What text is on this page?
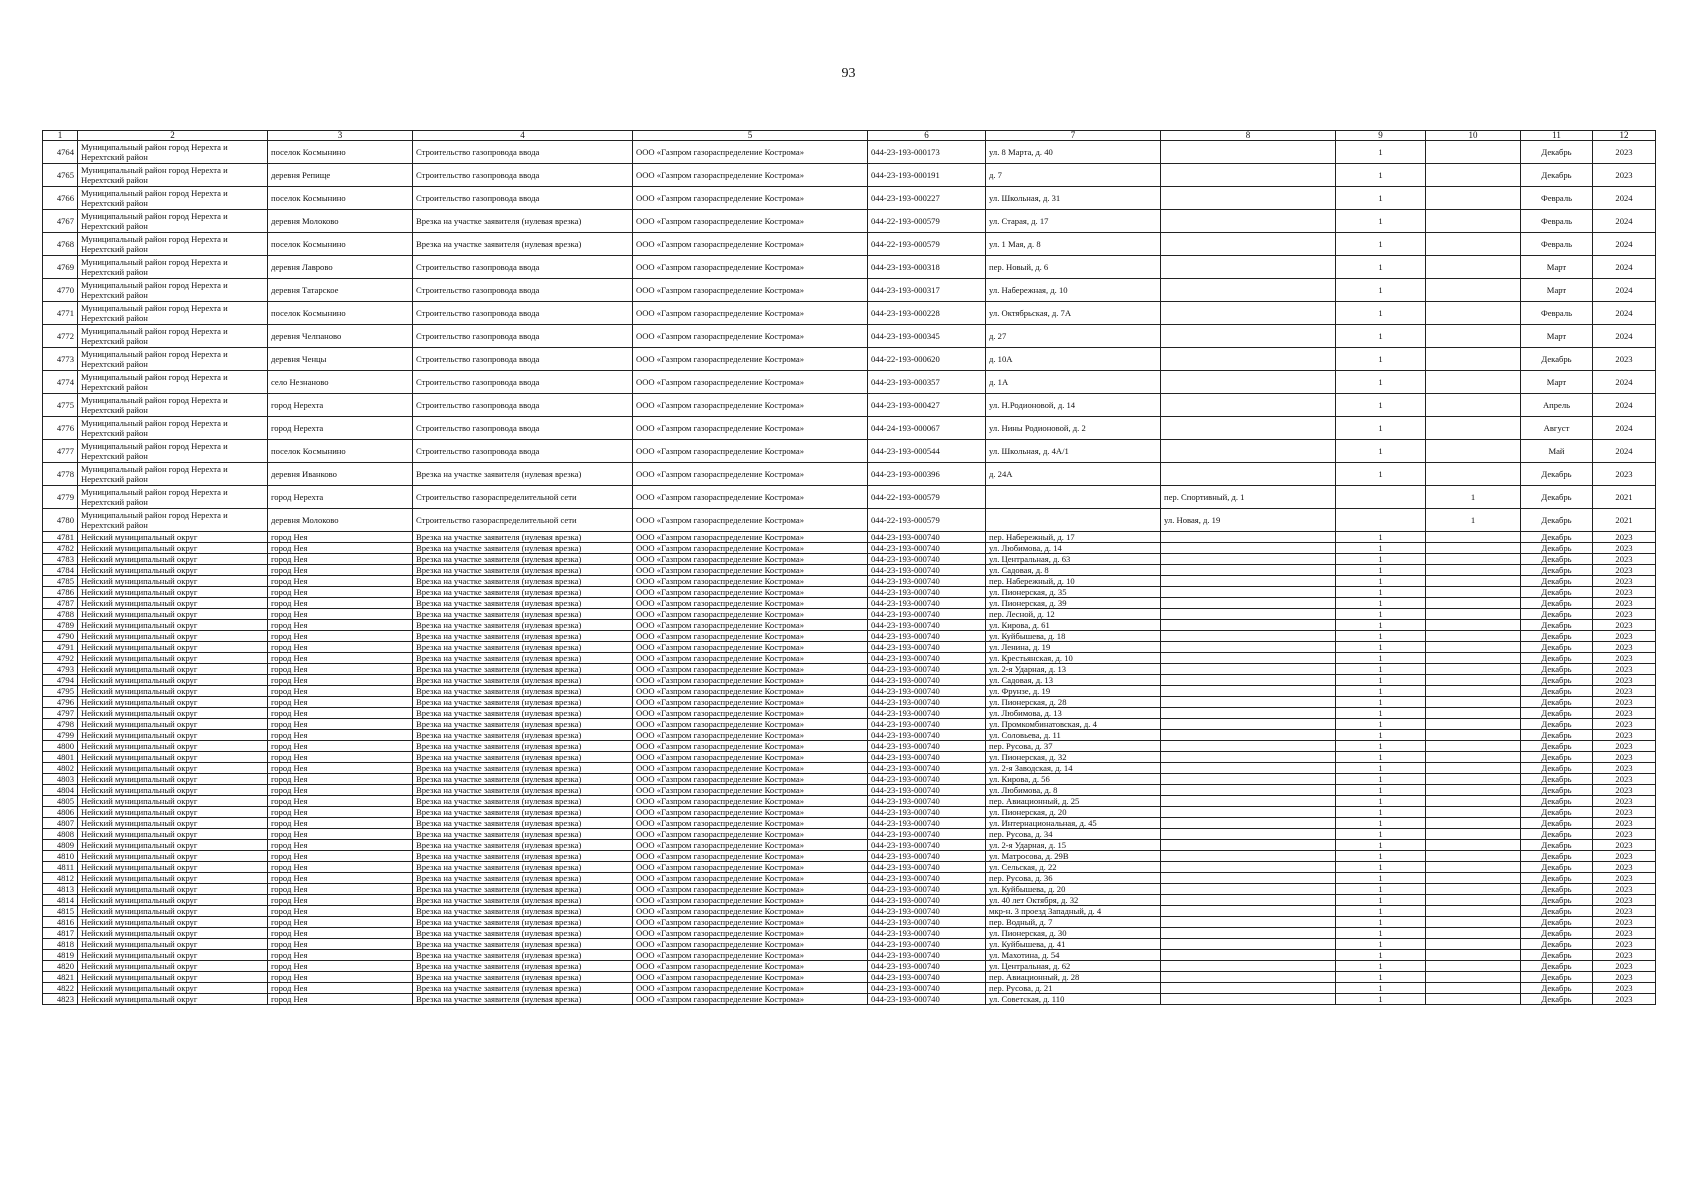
93
1	2	3	4	5	6	7	8	9	10	11	12
4764	Муниципальный район город Нерехта и Нерехтский район	поселок Космынино	Строительство газопровода ввода	ООО «Газпром газораспределение Кострома»	044-23-193-000173	ул. 8 Марта, д. 40		1		Декабрь	2023
4765	Муниципальный район город Нерехта и Нерехтский район	деревня Репище	Строительство газопровода ввода	ООО «Газпром газораспределение Кострома»	044-23-193-000191	д. 7		1		Декабрь	2023
4766	Муниципальный район город Нерехта и Нерехтский район	поселок Космынино	Строительство газопровода ввода	ООО «Газпром газораспределение Кострома»	044-23-193-000227	ул. Школьная, д. 31		1		Февраль	2024
4767	Муниципальный район город Нерехта и Нерехтский район	деревня Молоково	Врезка на участке заявителя (нулевая врезка)	ООО «Газпром газораспределение Кострома»	044-22-193-000579	ул. Старая, д. 17		1		Февраль	2024
4768	Муниципальный район город Нерехта и Нерехтский район	поселок Космынино	Врезка на участке заявителя (нулевая врезка)	ООО «Газпром газораспределение Кострома»	044-22-193-000579	ул. 1 Мая, д. 8		1		Февраль	2024
4769	Муниципальный район город Нерехта и Нерехтский район	деревня Лаврово	Строительство газопровода ввода	ООО «Газпром газораспределение Кострома»	044-23-193-000318	пер. Новый, д. 6		1		Март	2024
4770	Муниципальный район город Нерехта и Нерехтский район	деревня Татарское	Строительство газопровода ввода	ООО «Газпром газораспределение Кострома»	044-23-193-000317	ул. Набережная, д. 10		1		Март	2024
4771	Муниципальный район город Нерехта и Нерехтский район	поселок Космынино	Строительство газопровода ввода	ООО «Газпром газораспределение Кострома»	044-23-193-000228	ул. Октябрьская, д. 7А		1		Февраль	2024
4772	Муниципальный район город Нерехта и Нерехтский район	деревня Челпаново	Строительство газопровода ввода	ООО «Газпром газораспределение Кострома»	044-23-193-000345	д. 27		1		Март	2024
4773	Муниципальный район город Нерехта и Нерехтский район	деревня Ченцы	Строительство газопровода ввода	ООО «Газпром газораспределение Кострома»	044-22-193-000620	д. 10А		1		Декабрь	2023
4774	Муниципальный район город Нерехта и Нерехтский район	село Незнаново	Строительство газопровода ввода	ООО «Газпром газораспределение Кострома»	044-23-193-000357	д. 1А		1		Март	2024
4775	Муниципальный район город Нерехта и Нерехтский район	город Нерехта	Строительство газопровода ввода	ООО «Газпром газораспределение Кострома»	044-23-193-000427	ул. Н.Родионовой, д. 14		1		Апрель	2024
4776	Муниципальный район город Нерехта и Нерехтский район	город Нерехта	Строительство газопровода ввода	ООО «Газпром газораспределение Кострома»	044-24-193-000067	ул. Нины Родионовой, д. 2		1		Август	2024
4777	Муниципальный район город Нерехта и Нерехтский район	поселок Космынино	Строительство газопровода ввода	ООО «Газпром газораспределение Кострома»	044-23-193-000544	ул. Школьная, д. 4А/1		1		Май	2024
4778	Муниципальный район город Нерехта и Нерехтский район	деревня Иванково	Врезка на участке заявителя (нулевая врезка)	ООО «Газпром газораспределение Кострома»	044-23-193-000396	д. 24А		1		Декабрь	2023
4779	Муниципальный район город Нерехта и Нерехтский район	город Нерехта	Строительство газораспределительной сети	ООО «Газпром газораспределение Кострома»	044-22-193-000579		пер. Спортивный, д. 1		1	Декабрь	2021
4780	Муниципальный район город Нерехта и Нерехтский район	деревня Молоково	Строительство газораспределительной сети	ООО «Газпром газораспределение Кострома»	044-22-193-000579		ул. Новая, д. 19		1	Декабрь	2021
4781	Нейский муниципальный округ	город Нея	Врезка на участке заявителя (нулевая врезка)	ООО «Газпром газораспределение Кострома»	044-23-193-000740	пер. Набережный, д. 17		1		Декабрь	2023
4782	Нейский муниципальный округ	город Нея	Врезка на участке заявителя (нулевая врезка)	ООО «Газпром газораспределение Кострома»	044-23-193-000740	ул. Любимова, д. 14		1		Декабрь	2023
4783	Нейский муниципальный округ	город Нея	Врезка на участке заявителя (нулевая врезка)	ООО «Газпром газораспределение Кострома»	044-23-193-000740	ул. Центральная, д. 63		1		Декабрь	2023
4784	Нейский муниципальный округ	город Нея	Врезка на участке заявителя (нулевая врезка)	ООО «Газпром газораспределение Кострома»	044-23-193-000740	ул. Садовая, д. 8		1		Декабрь	2023
4785	Нейский муниципальный округ	город Нея	Врезка на участке заявителя (нулевая врезка)	ООО «Газпром газораспределение Кострома»	044-23-193-000740	пер. Набережный, д. 10		1		Декабрь	2023
4786	Нейский муниципальный округ	город Нея	Врезка на участке заявителя (нулевая врезка)	ООО «Газпром газораспределение Кострома»	044-23-193-000740	ул. Пионерская, д. 35		1		Декабрь	2023
4787	Нейский муниципальный округ	город Нея	Врезка на участке заявителя (нулевая врезка)	ООО «Газпром газораспределение Кострома»	044-23-193-000740	ул. Пионерская, д. 39		1		Декабрь	2023
4788	Нейский муниципальный округ	город Нея	Врезка на участке заявителя (нулевая врезка)	ООО «Газпром газораспределение Кострома»	044-23-193-000740	пер. Лесной, д. 12		1		Декабрь	2023
4789	Нейский муниципальный округ	город Нея	Врезка на участке заявителя (нулевая врезка)	ООО «Газпром газораспределение Кострома»	044-23-193-000740	ул. Кирова, д. 61		1		Декабрь	2023
4790	Нейский муниципальный округ	город Нея	Врезка на участке заявителя (нулевая врезка)	ООО «Газпром газораспределение Кострома»	044-23-193-000740	ул. Куйбышева, д. 18		1		Декабрь	2023
4791	Нейский муниципальный округ	город Нея	Врезка на участке заявителя (нулевая врезка)	ООО «Газпром газораспределение Кострома»	044-23-193-000740	ул. Ленина, д. 19		1		Декабрь	2023
4792	Нейский муниципальный округ	город Нея	Врезка на участке заявителя (нулевая врезка)	ООО «Газпром газораспределение Кострома»	044-23-193-000740	ул. Крестьянская, д. 10		1		Декабрь	2023
4793	Нейский муниципальный округ	город Нея	Врезка на участке заявителя (нулевая врезка)	ООО «Газпром газораспределение Кострома»	044-23-193-000740	ул. 2-я Ударная, д. 13		1		Декабрь	2023
4794	Нейский муниципальный округ	город Нея	Врезка на участке заявителя (нулевая врезка)	ООО «Газпром газораспределение Кострома»	044-23-193-000740	ул. Садовая, д. 13		1		Декабрь	2023
4795	Нейский муниципальный округ	город Нея	Врезка на участке заявителя (нулевая врезка)	ООО «Газпром газораспределение Кострома»	044-23-193-000740	ул. Фрунзе, д. 19		1		Декабрь	2023
4796	Нейский муниципальный округ	город Нея	Врезка на участке заявителя (нулевая врезка)	ООО «Газпром газораспределение Кострома»	044-23-193-000740	ул. Пионерская, д. 28		1		Декабрь	2023
4797	Нейский муниципальный округ	город Нея	Врезка на участке заявителя (нулевая врезка)	ООО «Газпром газораспределение Кострома»	044-23-193-000740	ул. Любимова, д. 13		1		Декабрь	2023
4798	Нейский муниципальный округ	город Нея	Врезка на участке заявителя (нулевая врезка)	ООО «Газпром газораспределение Кострома»	044-23-193-000740	ул. Промкомбинатовская, д. 4		1		Декабрь	2023
4799	Нейский муниципальный округ	город Нея	Врезка на участке заявителя (нулевая врезка)	ООО «Газпром газораспределение Кострома»	044-23-193-000740	ул. Соловьева, д. 11		1		Декабрь	2023
4800	Нейский муниципальный округ	город Нея	Врезка на участке заявителя (нулевая врезка)	ООО «Газпром газораспределение Кострома»	044-23-193-000740	пер. Русова, д. 37		1		Декабрь	2023
4801	Нейский муниципальный округ	город Нея	Врезка на участке заявителя (нулевая врезка)	ООО «Газпром газораспределение Кострома»	044-23-193-000740	ул. Пионерская, д. 32		1		Декабрь	2023
4802	Нейский муниципальный округ	город Нея	Врезка на участке заявителя (нулевая врезка)	ООО «Газпром газораспределение Кострома»	044-23-193-000740	ул. 2-я Заводская, д. 14		1		Декабрь	2023
4803	Нейский муниципальный округ	город Нея	Врезка на участке заявителя (нулевая врезка)	ООО «Газпром газораспределение Кострома»	044-23-193-000740	ул. Кирова, д. 56		1		Декабрь	2023
4804	Нейский муниципальный округ	город Нея	Врезка на участке заявителя (нулевая врезка)	ООО «Газпром газораспределение Кострома»	044-23-193-000740	ул. Любимова, д. 8		1		Декабрь	2023
4805	Нейский муниципальный округ	город Нея	Врезка на участке заявителя (нулевая врезка)	ООО «Газпром газораспределение Кострома»	044-23-193-000740	пер. Авиационный, д. 25		1		Декабрь	2023
4806	Нейский муниципальный округ	город Нея	Врезка на участке заявителя (нулевая врезка)	ООО «Газпром газораспределение Кострома»	044-23-193-000740	ул. Пионерская, д. 20		1		Декабрь	2023
4807	Нейский муниципальный округ	город Нея	Врезка на участке заявителя (нулевая врезка)	ООО «Газпром газораспределение Кострома»	044-23-193-000740	ул. Интернациональная, д. 45		1		Декабрь	2023
4808	Нейский муниципальный округ	город Нея	Врезка на участке заявителя (нулевая врезка)	ООО «Газпром газораспределение Кострома»	044-23-193-000740	пер. Русова, д. 34		1		Декабрь	2023
4809	Нейский муниципальный округ	город Нея	Врезка на участке заявителя (нулевая врезка)	ООО «Газпром газораспределение Кострома»	044-23-193-000740	ул. 2-я Ударная, д. 15		1		Декабрь	2023
4810	Нейский муниципальный округ	город Нея	Врезка на участке заявителя (нулевая врезка)	ООО «Газпром газораспределение Кострома»	044-23-193-000740	ул. Матросова, д. 29В		1		Декабрь	2023
4811	Нейский муниципальный округ	город Нея	Врезка на участке заявителя (нулевая врезка)	ООО «Газпром газораспределение Кострома»	044-23-193-000740	ул. Сельская, д. 22		1		Декабрь	2023
4812	Нейский муниципальный округ	город Нея	Врезка на участке заявителя (нулевая врезка)	ООО «Газпром газораспределение Кострома»	044-23-193-000740	пер. Русова, д. 36		1		Декабрь	2023
4813	Нейский муниципальный округ	город Нея	Врезка на участке заявителя (нулевая врезка)	ООО «Газпром газораспределение Кострома»	044-23-193-000740	ул. Куйбышева, д. 20		1		Декабрь	2023
4814	Нейский муниципальный округ	город Нея	Врезка на участке заявителя (нулевая врезка)	ООО «Газпром газораспределение Кострома»	044-23-193-000740	ул. 40 лет Октября, д. 32		1		Декабрь	2023
4815	Нейский муниципальный округ	город Нея	Врезка на участке заявителя (нулевая врезка)	ООО «Газпром газораспределение Кострома»	044-23-193-000740	мкр-н. 3 проезд Западный, д. 4		1		Декабрь	2023
4816	Нейский муниципальный округ	город Нея	Врезка на участке заявителя (нулевая врезка)	ООО «Газпром газораспределение Кострома»	044-23-193-000740	пер. Водный, д. 7		1		Декабрь	2023
4817	Нейский муниципальный округ	город Нея	Врезка на участке заявителя (нулевая врезка)	ООО «Газпром газораспределение Кострома»	044-23-193-000740	ул. Пионерская, д. 30		1		Декабрь	2023
4818	Нейский муниципальный округ	город Нея	Врезка на участке заявителя (нулевая врезка)	ООО «Газпром газораспределение Кострома»	044-23-193-000740	ул. Куйбышева, д. 41		1		Декабрь	2023
4819	Нейский муниципальный округ	город Нея	Врезка на участке заявителя (нулевая врезка)	ООО «Газпром газораспределение Кострома»	044-23-193-000740	ул. Махотина, д. 54		1		Декабрь	2023
4820	Нейский муниципальный округ	город Нея	Врезка на участке заявителя (нулевая врезка)	ООО «Газпром газораспределение Кострома»	044-23-193-000740	ул. Центральная, д. 62		1		Декабрь	2023
4821	Нейский муниципальный округ	город Нея	Врезка на участке заявителя (нулевая врезка)	ООО «Газпром газораспределение Кострома»	044-23-193-000740	пер. Авиационный, д. 28		1		Декабрь	2023
4822	Нейский муниципальный округ	город Нея	Врезка на участке заявителя (нулевая врезка)	ООО «Газпром газораспределение Кострома»	044-23-193-000740	пер. Русова, д. 21		1		Декабрь	2023
4823	Нейский муниципальный округ	город Нея	Врезка на участке заявителя (нулевая врезка)	ООО «Газпром газораспределение Кострома»	044-23-193-000740	ул. Советская, д. 110		1		Декабрь	2023
